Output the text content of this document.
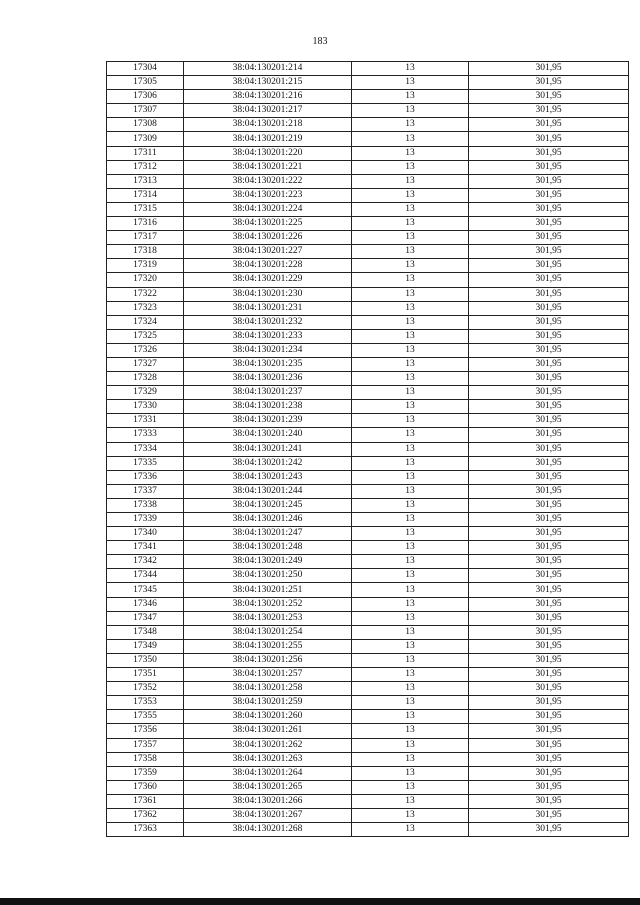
183
17304	38:04:130201:214	13	301,95
17305	38:04:130201:215	13	301,95
17306	38:04:130201:216	13	301,95
17307	38:04:130201:217	13	301,95
17308	38:04:130201:218	13	301,95
17309	38:04:130201:219	13	301,95
17311	38:04:130201:220	13	301,95
17312	38:04:130201:221	13	301,95
17313	38:04:130201:222	13	301,95
17314	38:04:130201:223	13	301,95
17315	38:04:130201:224	13	301,95
17316	38:04:130201:225	13	301,95
17317	38:04:130201:226	13	301,95
17318	38:04:130201:227	13	301,95
17319	38:04:130201:228	13	301,95
17320	38:04:130201:229	13	301,95
17322	38:04:130201:230	13	301,95
17323	38:04:130201:231	13	301,95
17324	38:04:130201:232	13	301,95
17325	38:04:130201:233	13	301,95
17326	38:04:130201:234	13	301,95
17327	38:04:130201:235	13	301,95
17328	38:04:130201:236	13	301,95
17329	38:04:130201:237	13	301,95
17330	38:04:130201:238	13	301,95
17331	38:04:130201:239	13	301,95
17333	38:04:130201:240	13	301,95
17334	38:04:130201:241	13	301,95
17335	38:04:130201:242	13	301,95
17336	38:04:130201:243	13	301,95
17337	38:04:130201:244	13	301,95
17338	38:04:130201:245	13	301,95
17339	38:04:130201:246	13	301,95
17340	38:04:130201:247	13	301,95
17341	38:04:130201:248	13	301,95
17342	38:04:130201:249	13	301,95
17344	38:04:130201:250	13	301,95
17345	38:04:130201:251	13	301,95
17346	38:04:130201:252	13	301,95
17347	38:04:130201:253	13	301,95
17348	38:04:130201:254	13	301,95
17349	38:04:130201:255	13	301,95
17350	38:04:130201:256	13	301,95
17351	38:04:130201:257	13	301,95
17352	38:04:130201:258	13	301,95
17353	38:04:130201:259	13	301,95
17355	38:04:130201:260	13	301,95
17356	38:04:130201:261	13	301,95
17357	38:04:130201:262	13	301,95
17358	38:04:130201:263	13	301,95
17359	38:04:130201:264	13	301,95
17360	38:04:130201:265	13	301,95
17361	38:04:130201:266	13	301,95
17362	38:04:130201:267	13	301,95
17363	38:04:130201:268	13	301,95
